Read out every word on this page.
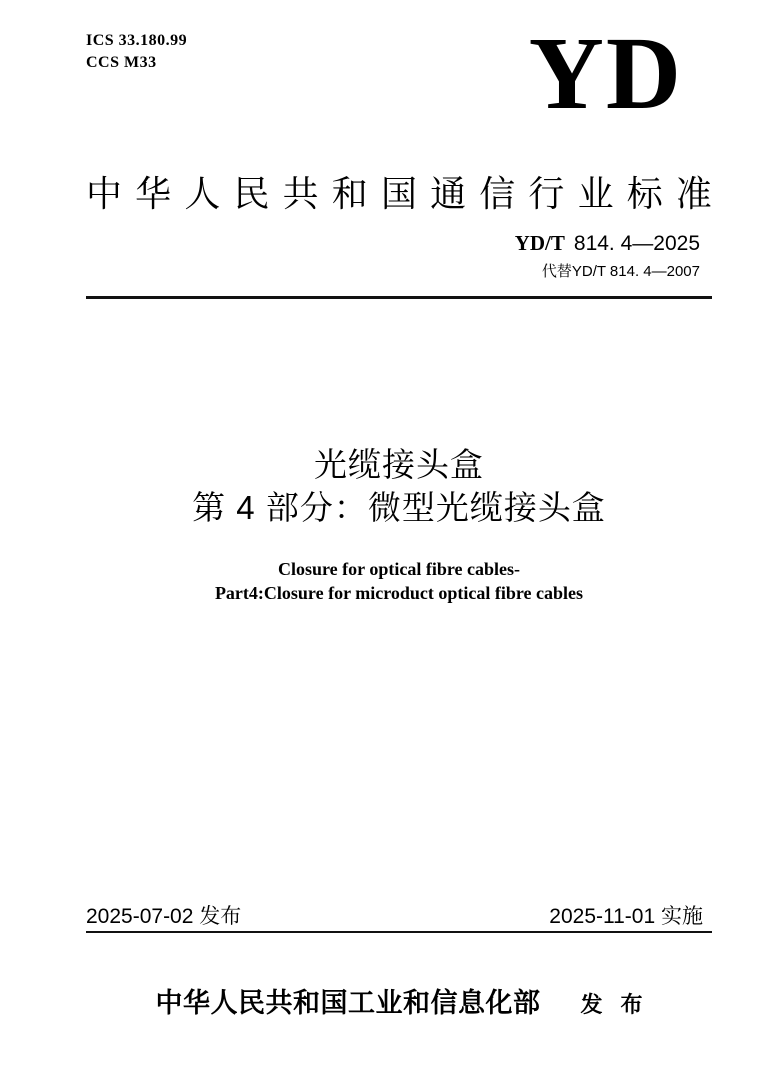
ICS 33.180.99
CCS M33	YD
中 华 人 民 共 和 国 通 信 行 业 标 准
YD/T 814. 4—2025
代替YD/T 814. 4—2007
光缆接头盒
第 4 部分：微型光缆接头盒
Closure for optical fibre cables-
Part4:Closure for microduct optical fibre cables
2025-07-02 发布	2025-11-01 实施
中华人民共和国工业和信息化部 发布
